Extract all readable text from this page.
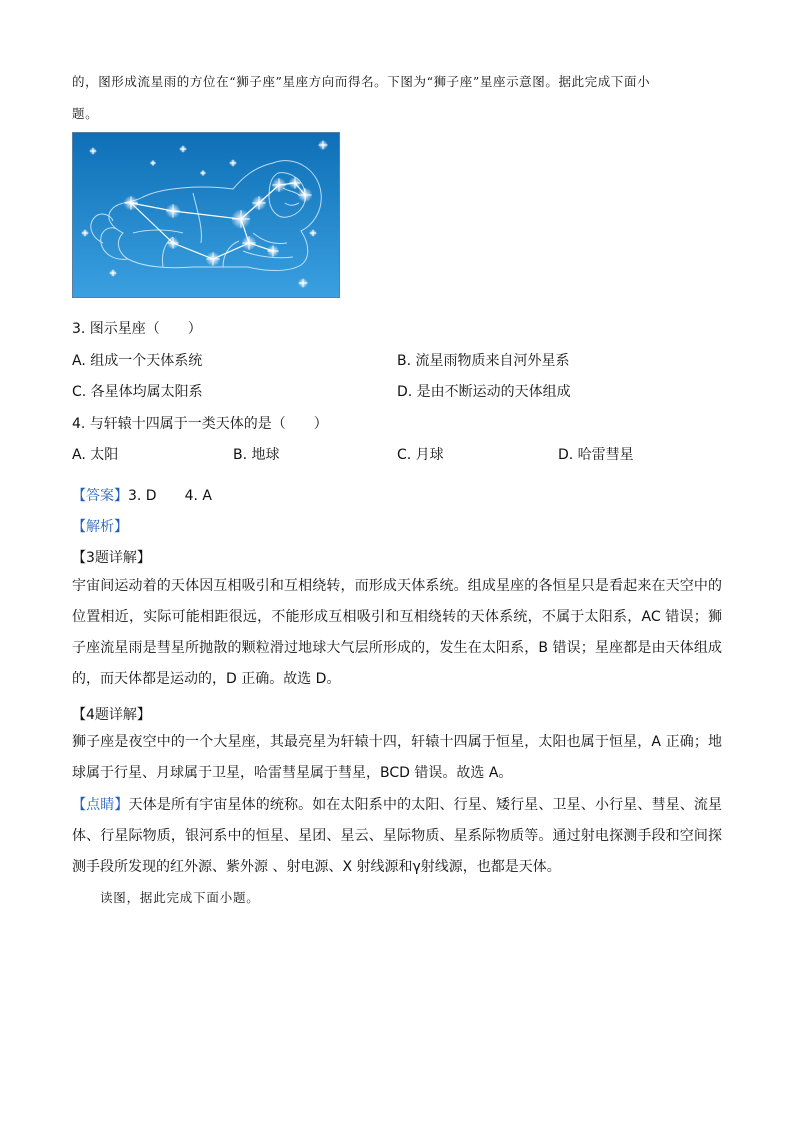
的，图形成流星雨的方位在“狮子座”星座方向而得名。下图为“狮子座”星座示意图。据此完成下面小
题。
3. 图示星座（　　）
A. 组成一个天体系统	B. 流星雨物质来自河外星系
C. 各星体均属太阳系	D. 是由不断运动的天体组成
4. 与轩辕十四属于一类天体的是（　　）
A. 太阳	B. 地球	C. 月球	D. 哈雷彗星
【答案】3. D　　4. A
【解析】
【3题详解】
宇宙间运动着的天体因互相吸引和互相绕转，而形成天体系统。组成星座的各恒星只是看起来在天空中的位置相近，实际可能相距很远，不能形成互相吸引和互相绕转的天体系统，不属于太阳系，AC 错误；狮子座流星雨是彗星所抛散的颗粒滑过地球大气层所形成的，发生在太阳系，B 错误；星座都是由天体组成的，而天体都是运动的，D 正确。故选 D。
【4题详解】
狮子座是夜空中的一个大星座，其最亮星为轩辕十四，轩辕十四属于恒星，太阳也属于恒星，A 正确；地球属于行星、月球属于卫星，哈雷彗星属于彗星，BCD 错误。故选 A。
【点睛】天体是所有宇宙星体的统称。如在太阳系中的太阳、行星、矮行星、卫星、小行星、彗星、流星体、行星际物质，银河系中的恒星、星团、星云、星际物质、星系际物质等。通过射电探测手段和空间探测手段所发现的红外源、紫外源 、射电源、X 射线源和γ射线源，也都是天体。
读图，据此完成下面小题。
